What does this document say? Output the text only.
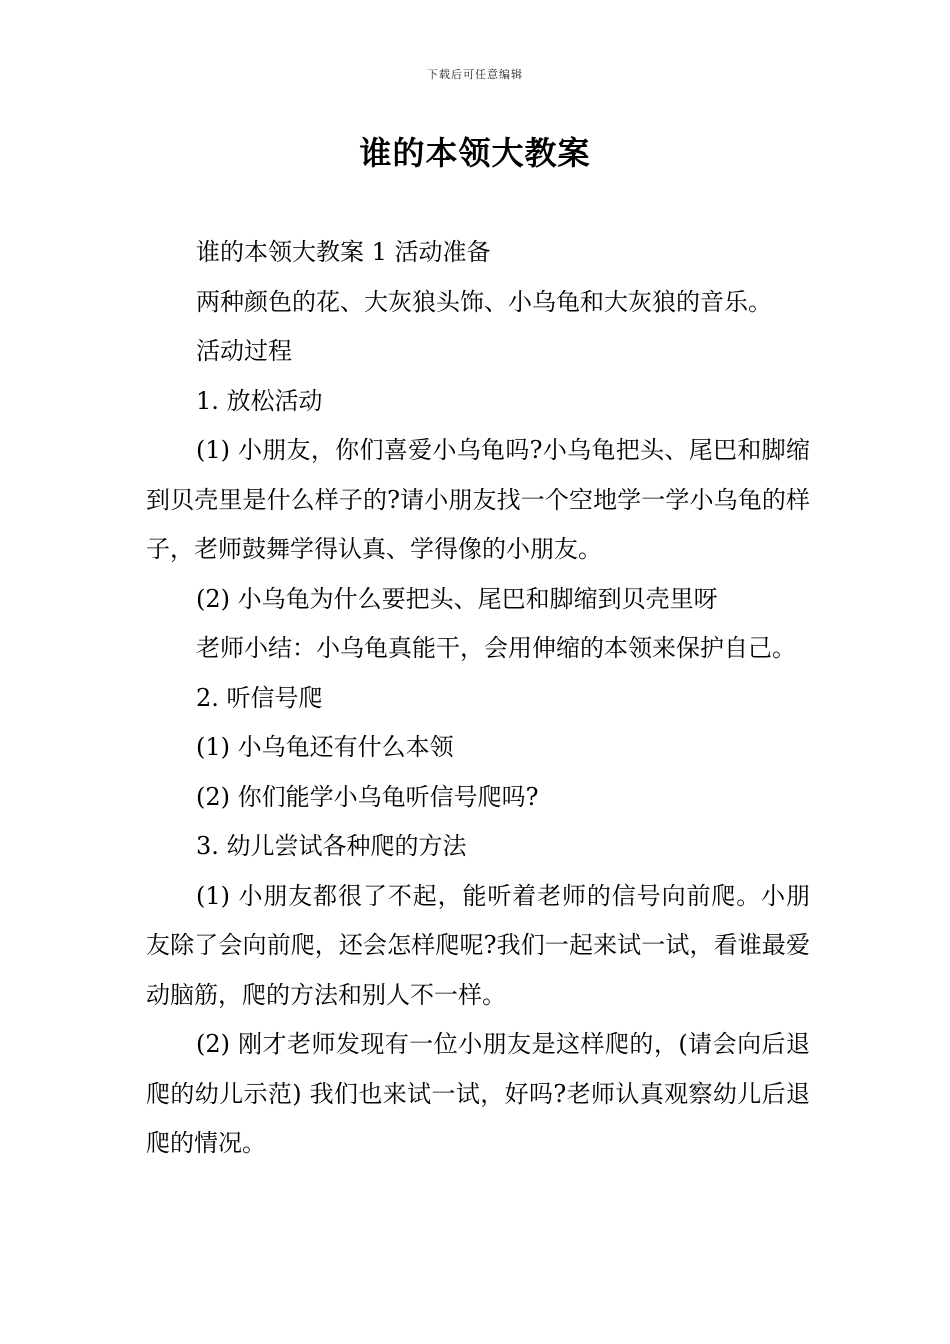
下载后可任意编辑
谁的本领大教案

谁的本领大教案 1 活动准备

两种颜色的花、大灰狼头饰、小乌龟和大灰狼的音乐。

活动过程

1. 放松活动

(1) 小朋友，你们喜爱小乌龟吗?小乌龟把头、尾巴和脚缩到贝壳里是什么样子的?请小朋友找一个空地学一学小乌龟的样子，老师鼓舞学得认真、学得像的小朋友。

(2) 小乌龟为什么要把头、尾巴和脚缩到贝壳里呀

老师小结：小乌龟真能干，会用伸缩的本领来保护自己。

2. 听信号爬

(1) 小乌龟还有什么本领

(2) 你们能学小乌龟听信号爬吗?

3. 幼儿尝试各种爬的方法

(1) 小朋友都很了不起，能听着老师的信号向前爬。小朋友除了会向前爬，还会怎样爬呢?我们一起来试一试，看谁最爱动脑筋，爬的方法和别人不一样。

(2) 刚才老师发现有一位小朋友是这样爬的，(请会向后退爬的幼儿示范) 我们也来试一试，好吗?老师认真观察幼儿后退爬的情况。
